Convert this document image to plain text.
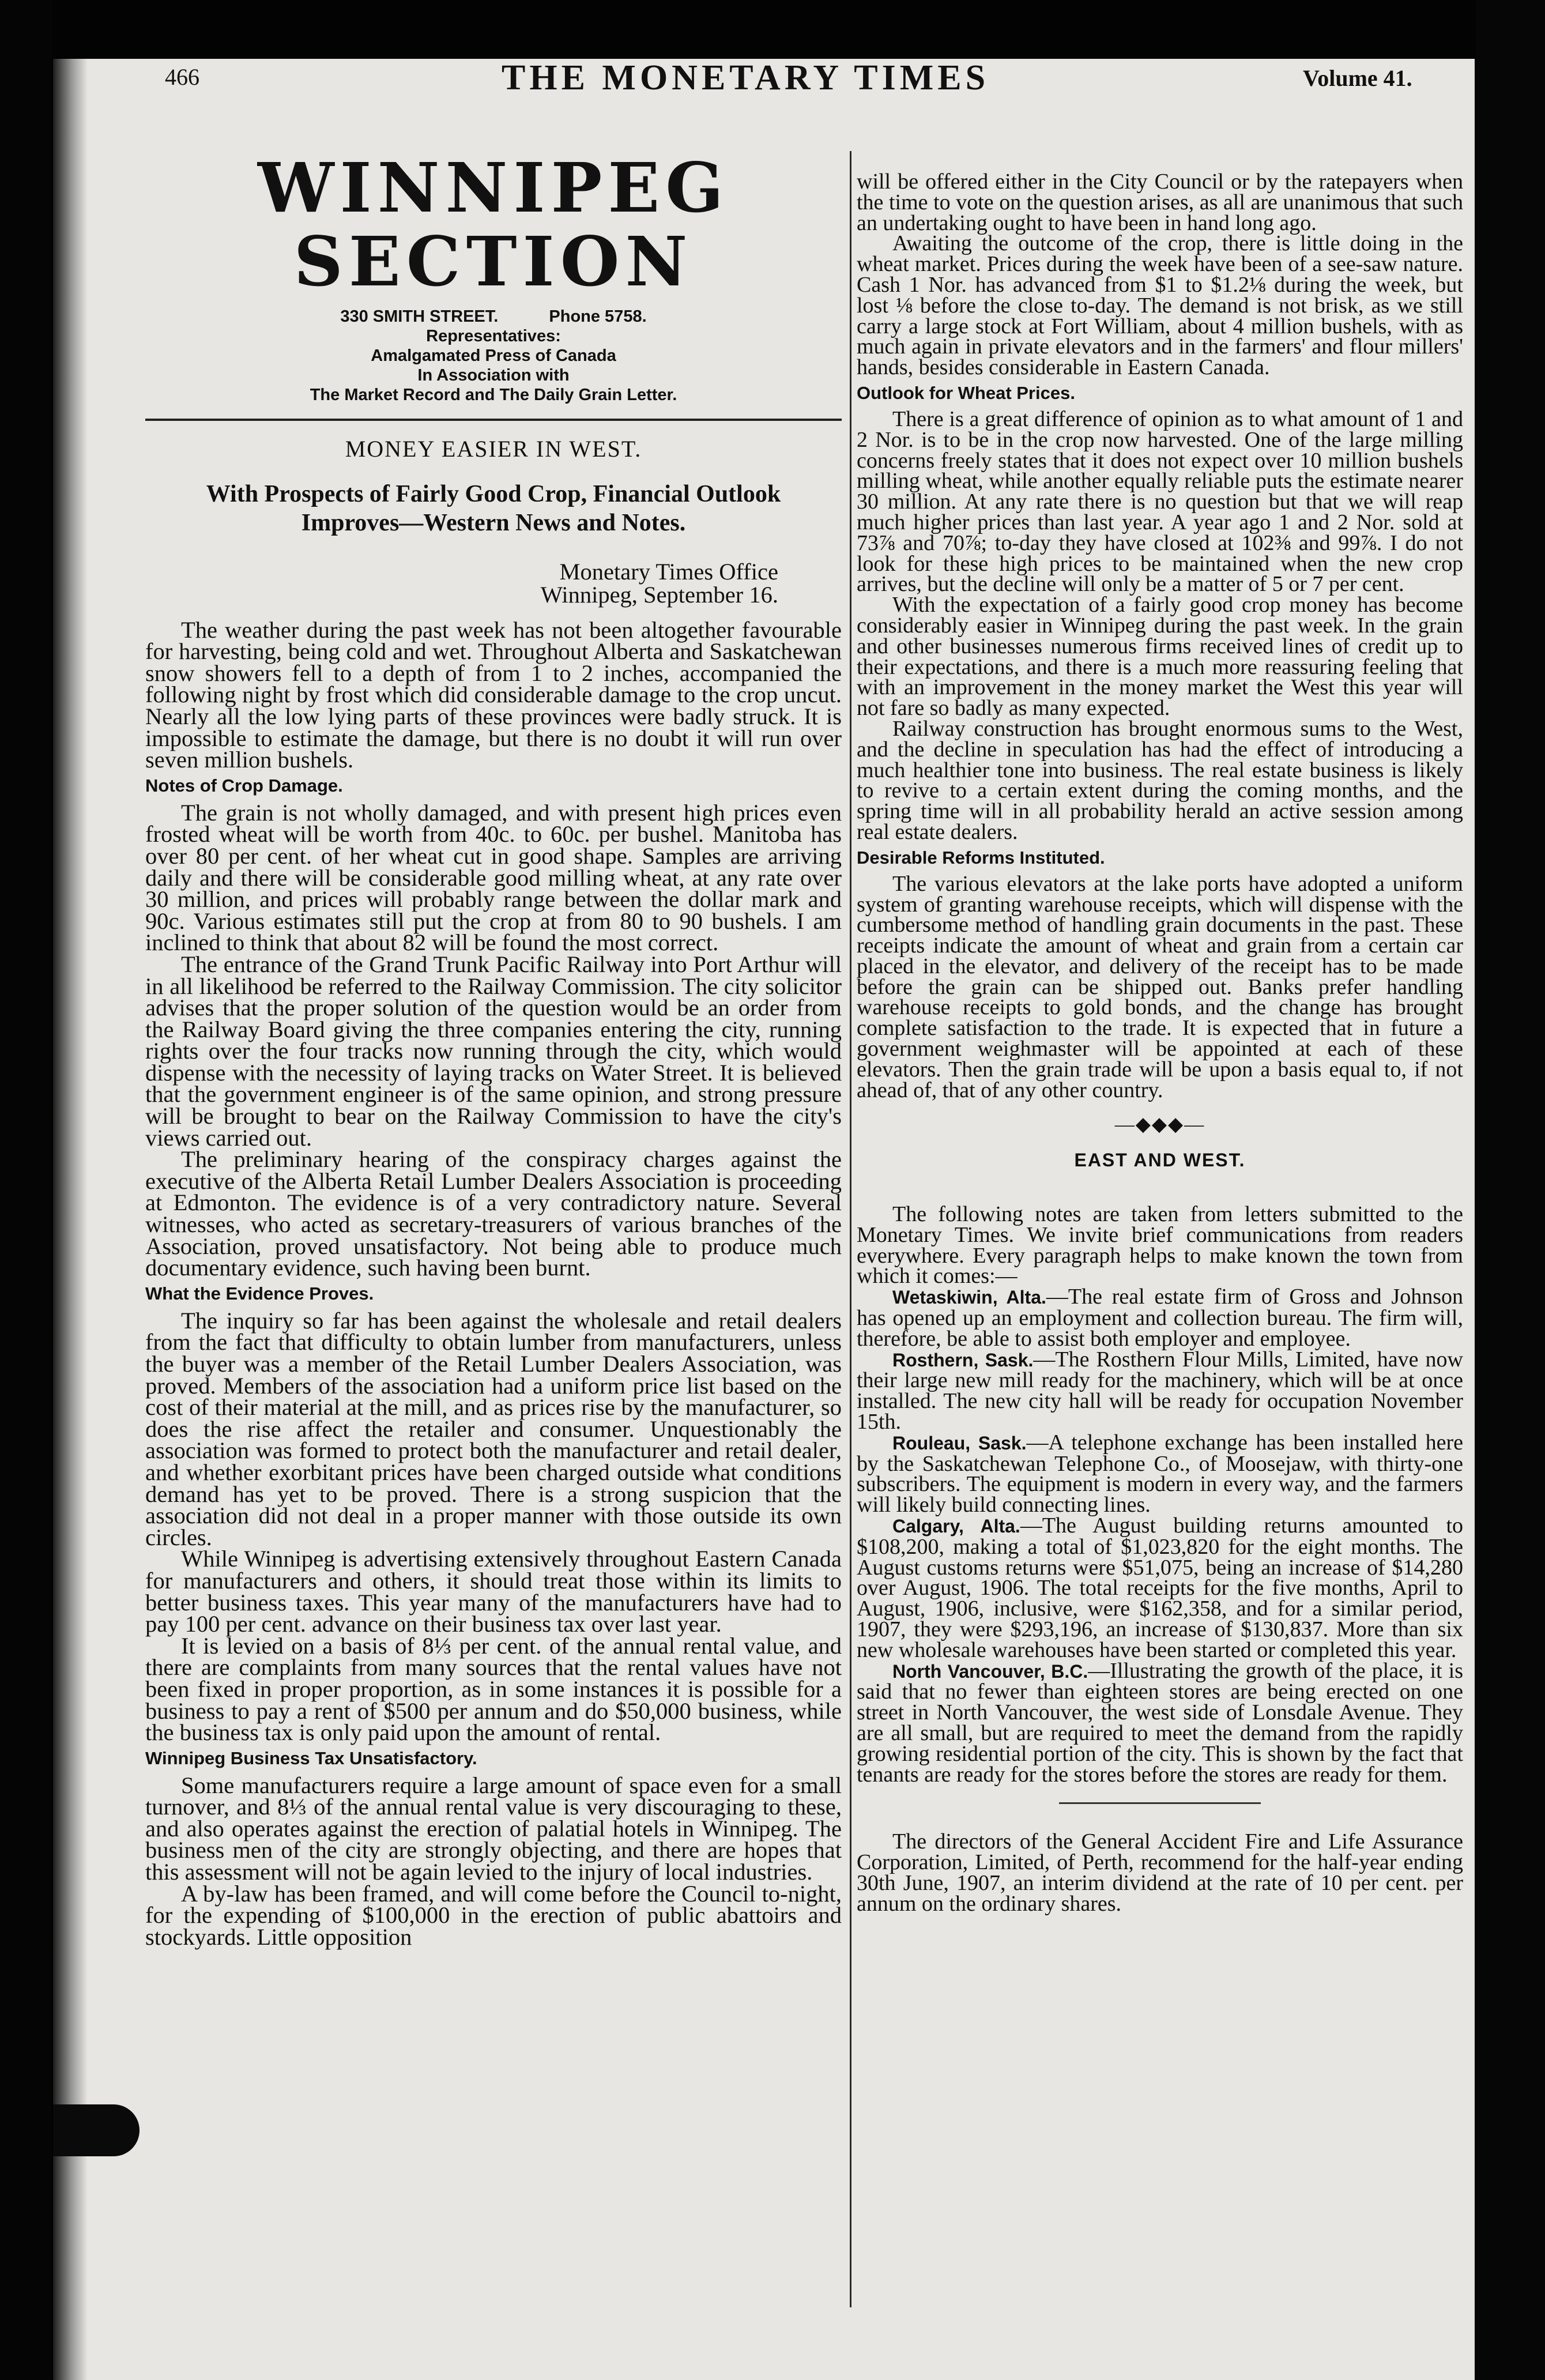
466	THE MONETARY TIMES	Volume 41.
WINNIPEG SECTION
330 SMITH STREET.	Phone 5758.
Representatives:
Amalgamated Press of Canada
In Association with
The Market Record and The Daily Grain Letter.
MONEY EASIER IN WEST.
With Prospects of Fairly Good Crop, Financial Outlook Improves—Western News and Notes.
Monetary Times Office
Winnipeg, September 16.

The weather during the past week has not been altogether favourable for harvesting, being cold and wet. Throughout Alberta and Saskatchewan snow showers fell to a depth of from 1 to 2 inches, accompanied the following night by frost which did considerable damage to the crop uncut. Nearly all the low lying parts of these provinces were badly struck. It is impossible to estimate the damage, but there is no doubt it will run over seven million bushels.

Notes of Crop Damage.

The grain is not wholly damaged, and with present high prices even frosted wheat will be worth from 40c. to 60c. per bushel. Manitoba has over 80 per cent. of her wheat cut in good shape. Samples are arriving daily and there will be considerable good milling wheat, at any rate over 30 million, and prices will probably range between the dollar mark and 90c. Various estimates still put the crop at from 80 to 90 bushels. I am inclined to think that about 82 will be found the most correct.

The entrance of the Grand Trunk Pacific Railway into Port Arthur will in all likelihood be referred to the Railway Commission. The city solicitor advises that the proper solution of the question would be an order from the Railway Board giving the three companies entering the city, running rights over the four tracks now running through the city, which would dispense with the necessity of laying tracks on Water Street. It is believed that the government engineer is of the same opinion, and strong pressure will be brought to bear on the Railway Commission to have the city's views carried out.

The preliminary hearing of the conspiracy charges against the executive of the Alberta Retail Lumber Dealers Association is proceeding at Edmonton. The evidence is of a very contradictory nature. Several witnesses, who acted as secretary-treasurers of various branches of the Association, proved unsatisfactory. Not being able to produce much documentary evidence, such having been burnt.

What the Evidence Proves.

The inquiry so far has been against the wholesale and retail dealers from the fact that difficulty to obtain lumber from manufacturers, unless the buyer was a member of the Retail Lumber Dealers Association, was proved. Members of the association had a uniform price list based on the cost of their material at the mill, and as prices rise by the manufacturer, so does the rise affect the retailer and consumer. Unquestionably the association was formed to protect both the manufacturer and retail dealer, and whether exorbitant prices have been charged outside what conditions demand has yet to be proved. There is a strong suspicion that the association did not deal in a proper manner with those outside its own circles.

While Winnipeg is advertising extensively throughout Eastern Canada for manufacturers and others, it should treat those within its limits to better business taxes. This year many of the manufacturers have had to pay 100 per cent. advance on their business tax over last year.

It is levied on a basis of 8⅓ per cent. of the annual rental value, and there are complaints from many sources that the rental values have not been fixed in proper proportion, as in some instances it is possible for a business to pay a rent of $500 per annum and do $50,000 business, while the business tax is only paid upon the amount of rental.

Winnipeg Business Tax Unsatisfactory.

Some manufacturers require a large amount of space even for a small turnover, and 8⅓ of the annual rental value is very discouraging to these, and also operates against the erection of palatial hotels in Winnipeg. The business men of the city are strongly objecting, and there are hopes that this assessment will not be again levied to the injury of local industries.

A by-law has been framed, and will come before the Council to-night, for the expending of $100,000 in the erection of public abattoirs and stockyards. Little opposition

will be offered either in the City Council or by the ratepayers when the time to vote on the question arises, as all are unanimous that such an undertaking ought to have been in hand long ago.

Awaiting the outcome of the crop, there is little doing in the wheat market. Prices during the week have been of a see-saw nature. Cash 1 Nor. has advanced from $1 to $1.2⅛ during the week, but lost ⅛ before the close to-day. The demand is not brisk, as we still carry a large stock at Fort William, about 4 million bushels, with as much again in private elevators and in the farmers' and flour millers' hands, besides considerable in Eastern Canada.

Outlook for Wheat Prices.

There is a great difference of opinion as to what amount of 1 and 2 Nor. is to be in the crop now harvested. One of the large milling concerns freely states that it does not expect over 10 million bushels milling wheat, while another equally reliable puts the estimate nearer 30 million. At any rate there is no question but that we will reap much higher prices than last year. A year ago 1 and 2 Nor. sold at 73⅞ and 70⅞; to-day they have closed at 102⅜ and 99⅞. I do not look for these high prices to be maintained when the new crop arrives, but the decline will only be a matter of 5 or 7 per cent.

With the expectation of a fairly good crop money has become considerably easier in Winnipeg during the past week. In the grain and other businesses numerous firms received lines of credit up to their expectations, and there is a much more reassuring feeling that with an improvement in the money market the West this year will not fare so badly as many expected.

Railway construction has brought enormous sums to the West, and the decline in speculation has had the effect of introducing a much healthier tone into business. The real estate business is likely to revive to a certain extent during the coming months, and the spring time will in all probability herald an active session among real estate dealers.

Desirable Reforms Instituted.

The various elevators at the lake ports have adopted a uniform system of granting warehouse receipts, which will dispense with the cumbersome method of handling grain documents in the past. These receipts indicate the amount of wheat and grain from a certain car placed in the elevator, and delivery of the receipt has to be made before the grain can be shipped out. Banks prefer handling warehouse receipts to gold bonds, and the change has brought complete satisfaction to the trade. It is expected that in future a government weighmaster will be appointed at each of these elevators. Then the grain trade will be upon a basis equal to, if not ahead of, that of any other country.

—◆◆◆—
EAST AND WEST.

The following notes are taken from letters submitted to the Monetary Times. We invite brief communications from readers everywhere. Every paragraph helps to make known the town from which it comes:—

Wetaskiwin, Alta.—The real estate firm of Gross and Johnson has opened up an employment and collection bureau. The firm will, therefore, be able to assist both employer and employee.

Rosthern, Sask.—The Rosthern Flour Mills, Limited, have now their large new mill ready for the machinery, which will be at once installed. The new city hall will be ready for occupation November 15th.

Rouleau, Sask.—A telephone exchange has been installed here by the Saskatchewan Telephone Co., of Moosejaw, with thirty-one subscribers. The equipment is modern in every way, and the farmers will likely build connecting lines.

Calgary, Alta.—The August building returns amounted to $108,200, making a total of $1,023,820 for the eight months. The August customs returns were $51,075, being an increase of $14,280 over August, 1906. The total receipts for the five months, April to August, 1906, inclusive, were $162,358, and for a similar period, 1907, they were $293,196, an increase of $130,837. More than six new wholesale warehouses have been started or completed this year.

North Vancouver, B.C.—Illustrating the growth of the place, it is said that no fewer than eighteen stores are being erected on one street in North Vancouver, the west side of Lonsdale Avenue. They are all small, but are required to meet the demand from the rapidly growing residential portion of the city. This is shown by the fact that tenants are ready for the stores before the stores are ready for them.

The directors of the General Accident Fire and Life Assurance Corporation, Limited, of Perth, recommend for the half-year ending 30th June, 1907, an interim dividend at the rate of 10 per cent. per annum on the ordinary shares.
